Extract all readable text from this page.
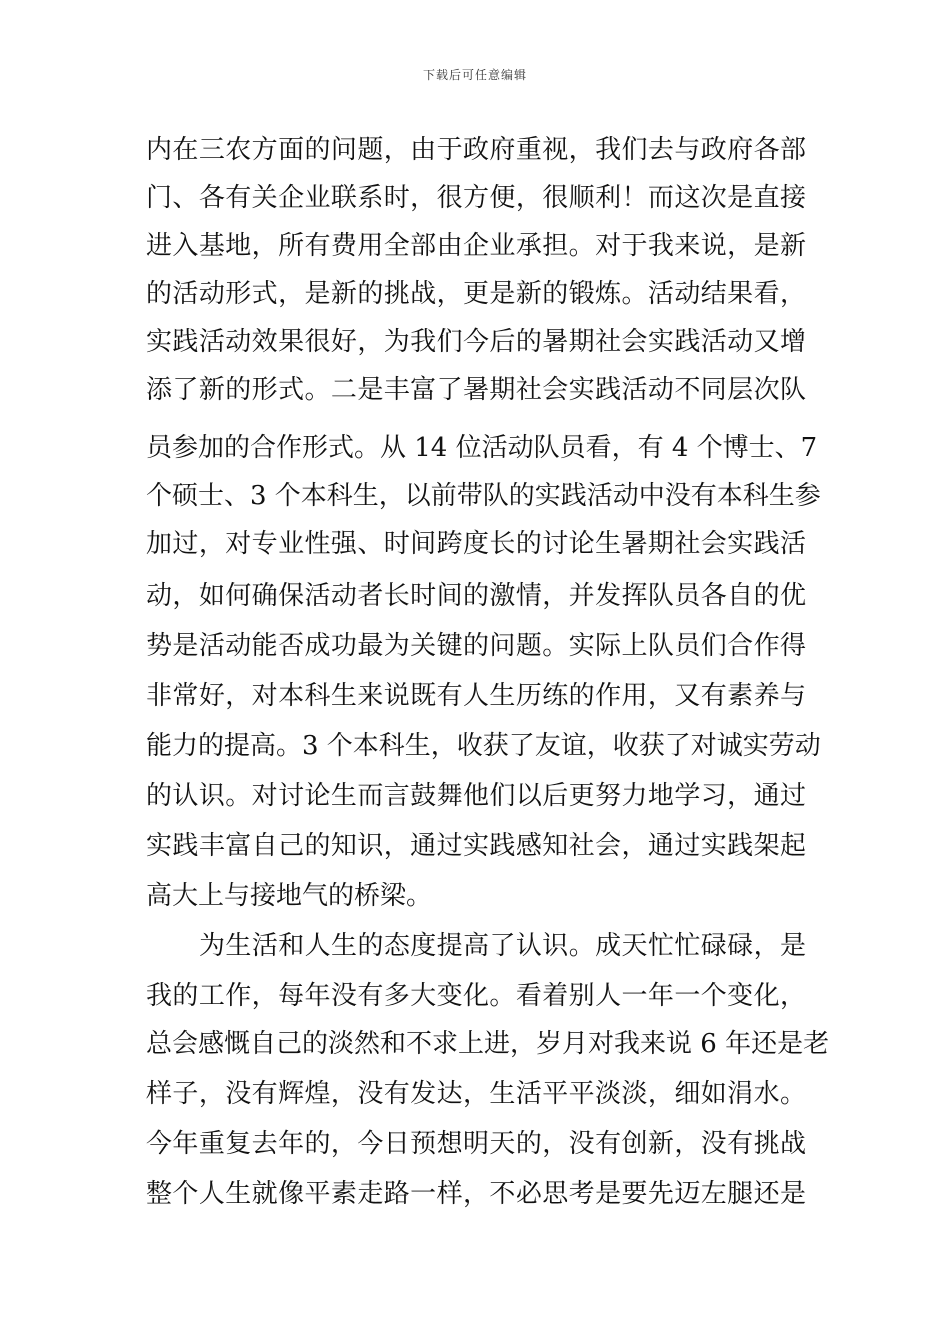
下载后可任意编辑
内在三农方面的问题，由于政府重视，我们去与政府各部
门、各有关企业联系时，很方便，很顺利！而这次是直接
进入基地，所有费用全部由企业承担。对于我来说，是新
的活动形式，是新的挑战，更是新的锻炼。活动结果看，
实践活动效果很好，为我们今后的暑期社会实践活动又增
添了新的形式。二是丰富了暑期社会实践活动不同层次队
员参加的合作形式。从 14 位活动队员看，有 4 个博士、7
个硕士、3 个本科生，以前带队的实践活动中没有本科生参
加过，对专业性强、时间跨度长的讨论生暑期社会实践活
动，如何确保活动者长时间的激情，并发挥队员各自的优
势是活动能否成功最为关键的问题。实际上队员们合作得
非常好，对本科生来说既有人生历练的作用，又有素养与
能力的提高。3 个本科生，收获了友谊，收获了对诚实劳动
的认识。对讨论生而言鼓舞他们以后更努力地学习，通过
实践丰富自己的知识，通过实践感知社会，通过实践架起
高大上与接地气的桥梁。
为生活和人生的态度提高了认识。成天忙忙碌碌，是
我的工作，每年没有多大变化。看着别人一年一个变化，
总会感慨自己的淡然和不求上进，岁月对我来说 6 年还是老
样子，没有辉煌，没有发达，生活平平淡淡，细如涓水。
今年重复去年的，今日预想明天的，没有创新，没有挑战
整个人生就像平素走路一样，不必思考是要先迈左腿还是
